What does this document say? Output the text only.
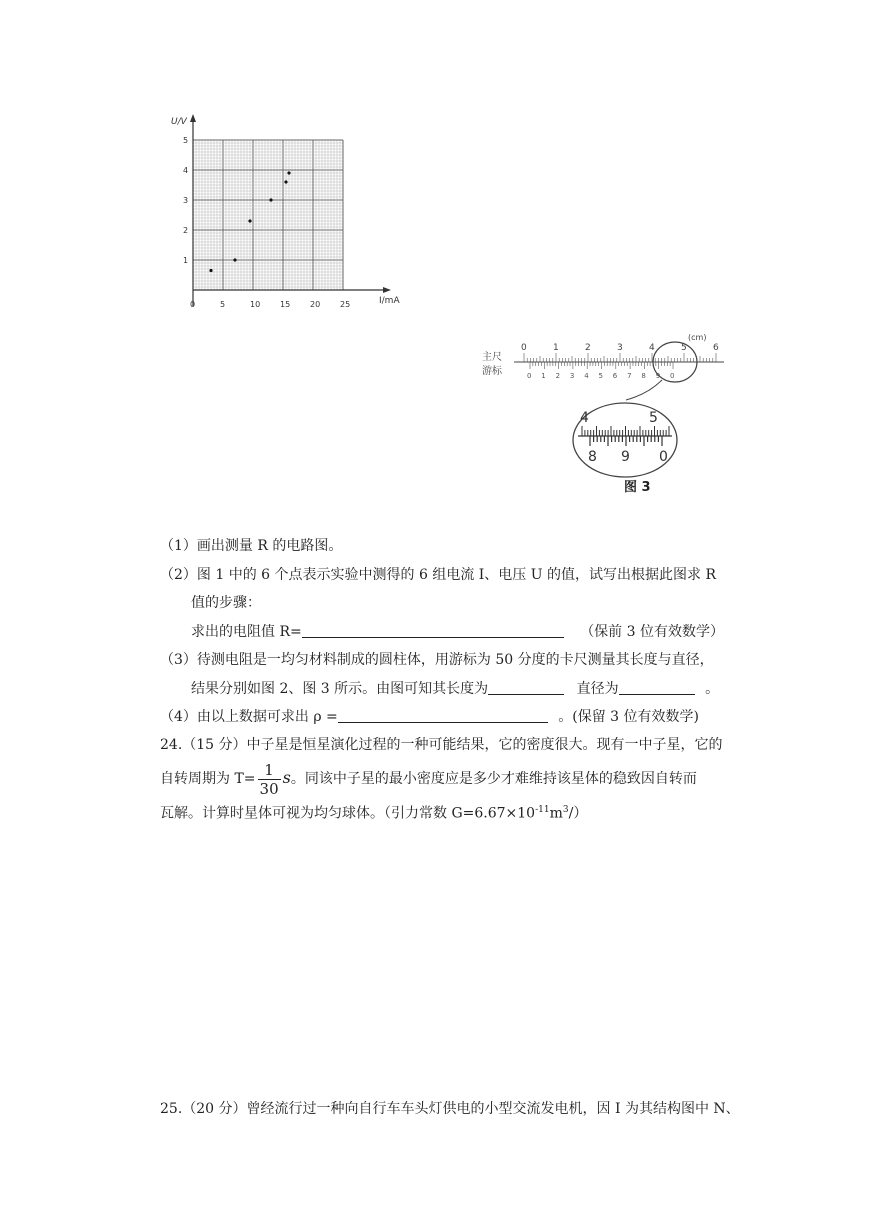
U/V
I/mA
1
2
3
4
5
0	5	10 15 20 25
主尺
游标
(cm)
0	1	2	3	4	5	6
0 1 2 3 4 5 6 7 8 9 0
4	5
8 9 0
图 3
（1）画出测量 R 的电路图。
（2）图 1 中的 6 个点表示实验中测得的 6 组电流 I、电压 U 的值，试写出根据此图求 R
值的步骤：
求出的电阻值 R=	（保前 3 位有效数学）
（3）待测电阻是一均匀材料制成的圆柱体，用游标为 50 分度的卡尺测量其长度与直径，
结果分别如图 2、图 3 所示。由图可知其长度为	直径为	。
（4）由以上数据可求出 ρ =	。(保留 3 位有效数学)
24.（15 分）中子星是恒星演化过程的一种可能结果，它的密度很大。现有一中子星，它的
自转周期为 $T= \frac{1}{30}$ s。同该中子星的最小密度应是多少才难维持该星体的稳致因自转而
瓦解。计算时星体可视为均匀球体。（引力常数 $G=6.67\times 10^{-11}m^3/$）
25.（20 分）曾经流行过一种向自行车车头灯供电的小型交流发电机，因 I 为其结构图中 N、
